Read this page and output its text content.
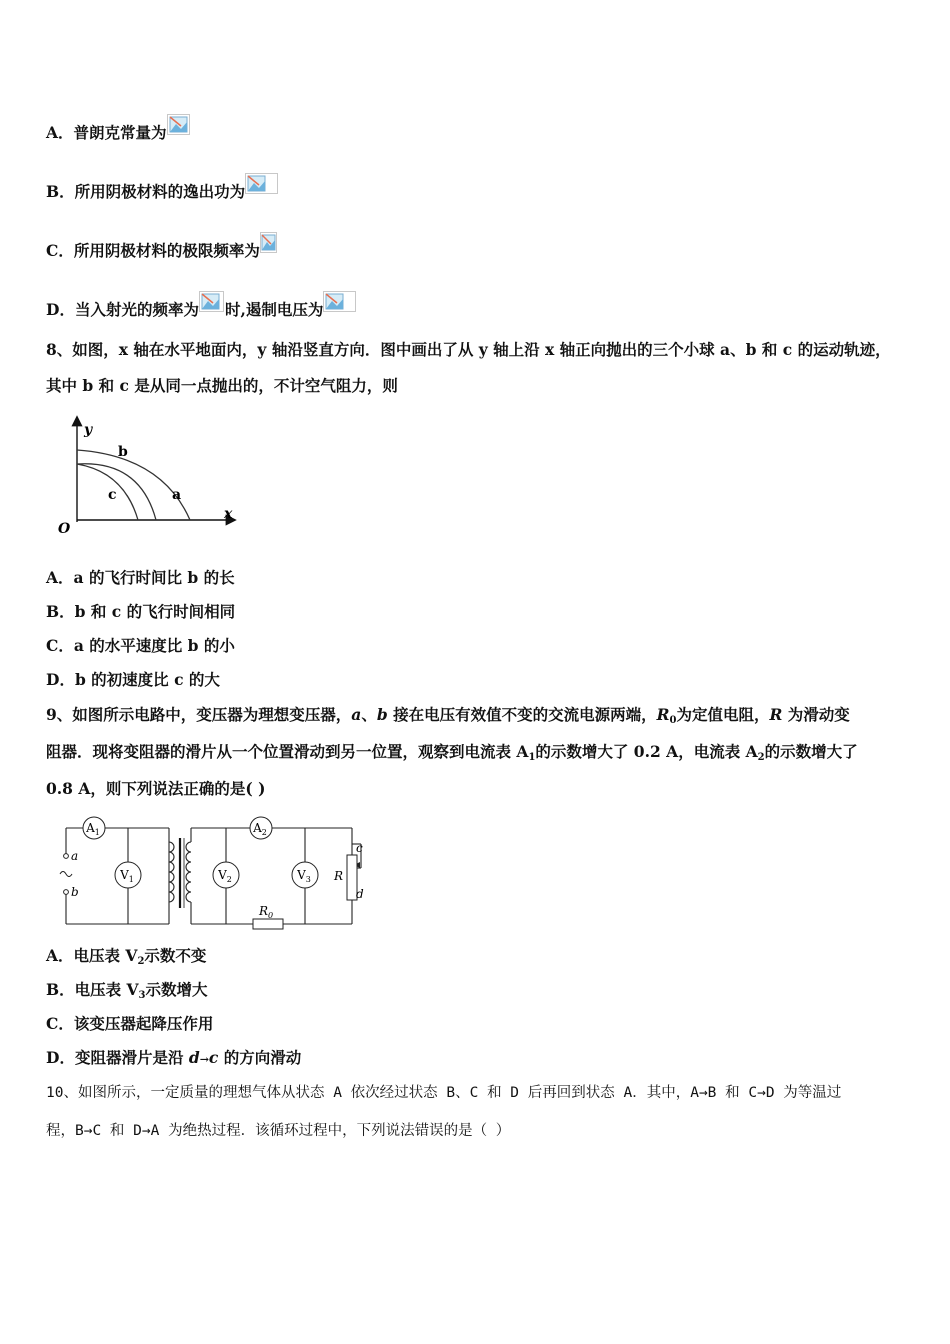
A．普朗克常量为
B．所用阴极材料的逸出功为
C．所用阴极材料的极限频率为
D．当入射光的频率为 时,遏制电压为
8、如图，x 轴在水平地面内，y 轴沿竖直方向．图中画出了从 y 轴上沿 x 轴正向抛出的三个小球 a、b 和 c 的运动轨迹，
其中 b 和 c 是从同一点抛出的，不计空气阻力，则
y
x
O
b
c	a
A．a 的飞行时间比 b 的长
B．b 和 c 的飞行时间相同
C．a 的水平速度比 b 的小
D．b 的初速度比 c 的大
9、如图所示电路中，变压器为理想变压器，a、b 接在电压有效值不变的交流电源两端，$R_0$为定值电阻，R 为滑动变
阻器．现将变阻器的滑片从一个位置滑动到另一位置，观察到电流表 $A_1$的示数增大了 0.2 A，电流表 $A_2$的示数增大了
0.8 A，则下列说法正确的是( )
$A_1$	$A_2$
$V_1$	$V_2$	$V_3$
$R_0$
R
c
d
a
b
A．电压表 $V_2$示数不变
B．电压表 $V_3$示数增大
C．该变压器起降压作用
D．变阻器滑片是沿 d→c 的方向滑动
10、如图所示，一定质量的理想气体从状态 A 依次经过状态 B、C 和 D 后再回到状态 A．其中，A→B 和 C→D 为等温过
程，B→C 和 D→A 为绝热过程．该循环过程中，下列说法错误的是（ ）
